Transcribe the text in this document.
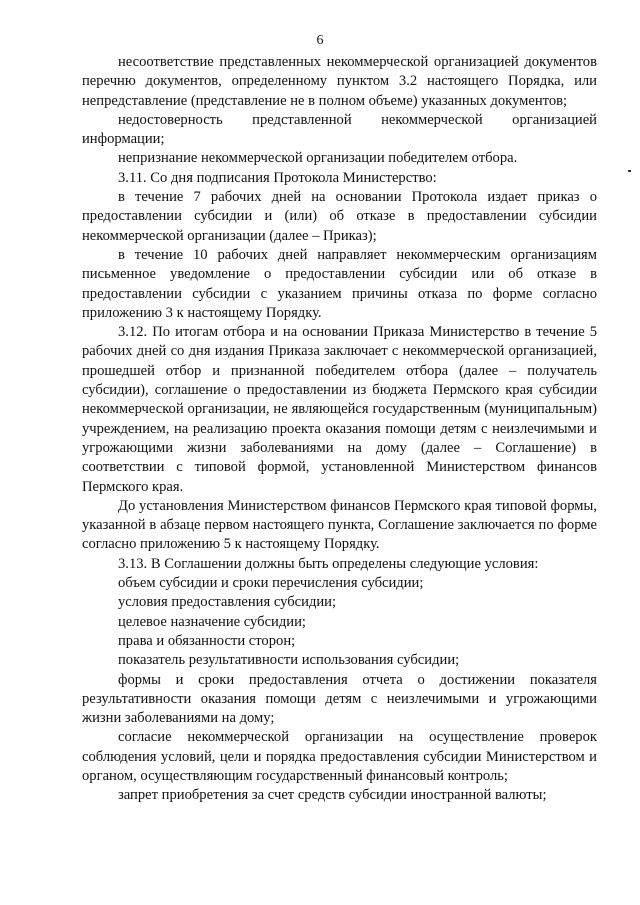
6

несоответствие представленных некоммерческой организацией документов перечню документов, определенному пунктом 3.2 настоящего Порядка, или непредставление (представление не в полном объеме) указанных документов;

недостоверность представленной некоммерческой организацией информации;

непризнание некоммерческой организации победителем отбора.

3.11. Со дня подписания Протокола Министерство:

в течение 7 рабочих дней на основании Протокола издает приказ о предоставлении субсидии и (или) об отказе в предоставлении субсидии некоммерческой организации (далее – Приказ);

в течение 10 рабочих дней направляет некоммерческим организациям письменное уведомление о предоставлении субсидии или об отказе в предоставлении субсидии с указанием причины отказа по форме согласно приложению 3 к настоящему Порядку.

3.12. По итогам отбора и на основании Приказа Министерство в течение 5 рабочих дней со дня издания Приказа заключает с некоммерческой организацией, прошедшей отбор и признанной победителем отбора (далее – получатель субсидии), соглашение о предоставлении из бюджета Пермского края субсидии некоммерческой организации, не являющейся государственным (муниципальным) учреждением, на реализацию проекта оказания помощи детям с неизлечимыми и угрожающими жизни заболеваниями на дому (далее – Соглашение) в соответствии с типовой формой, установленной Министерством финансов Пермского края.

До установления Министерством финансов Пермского края типовой формы, указанной в абзаце первом настоящего пункта, Соглашение заключается по форме согласно приложению 5 к настоящему Порядку.

3.13. В Соглашении должны быть определены следующие условия:

объем субсидии и сроки перечисления субсидии;

условия предоставления субсидии;

целевое назначение субсидии;

права и обязанности сторон;

показатель результативности использования субсидии;

формы и сроки предоставления отчета о достижении показателя результативности оказания помощи детям с неизлечимыми и угрожающими жизни заболеваниями на дому;

согласие некоммерческой организации на осуществление проверок соблюдения условий, цели и порядка предоставления субсидии Министерством и органом, осуществляющим государственный финансовый контроль;

запрет приобретения за счет средств субсидии иностранной валюты;
